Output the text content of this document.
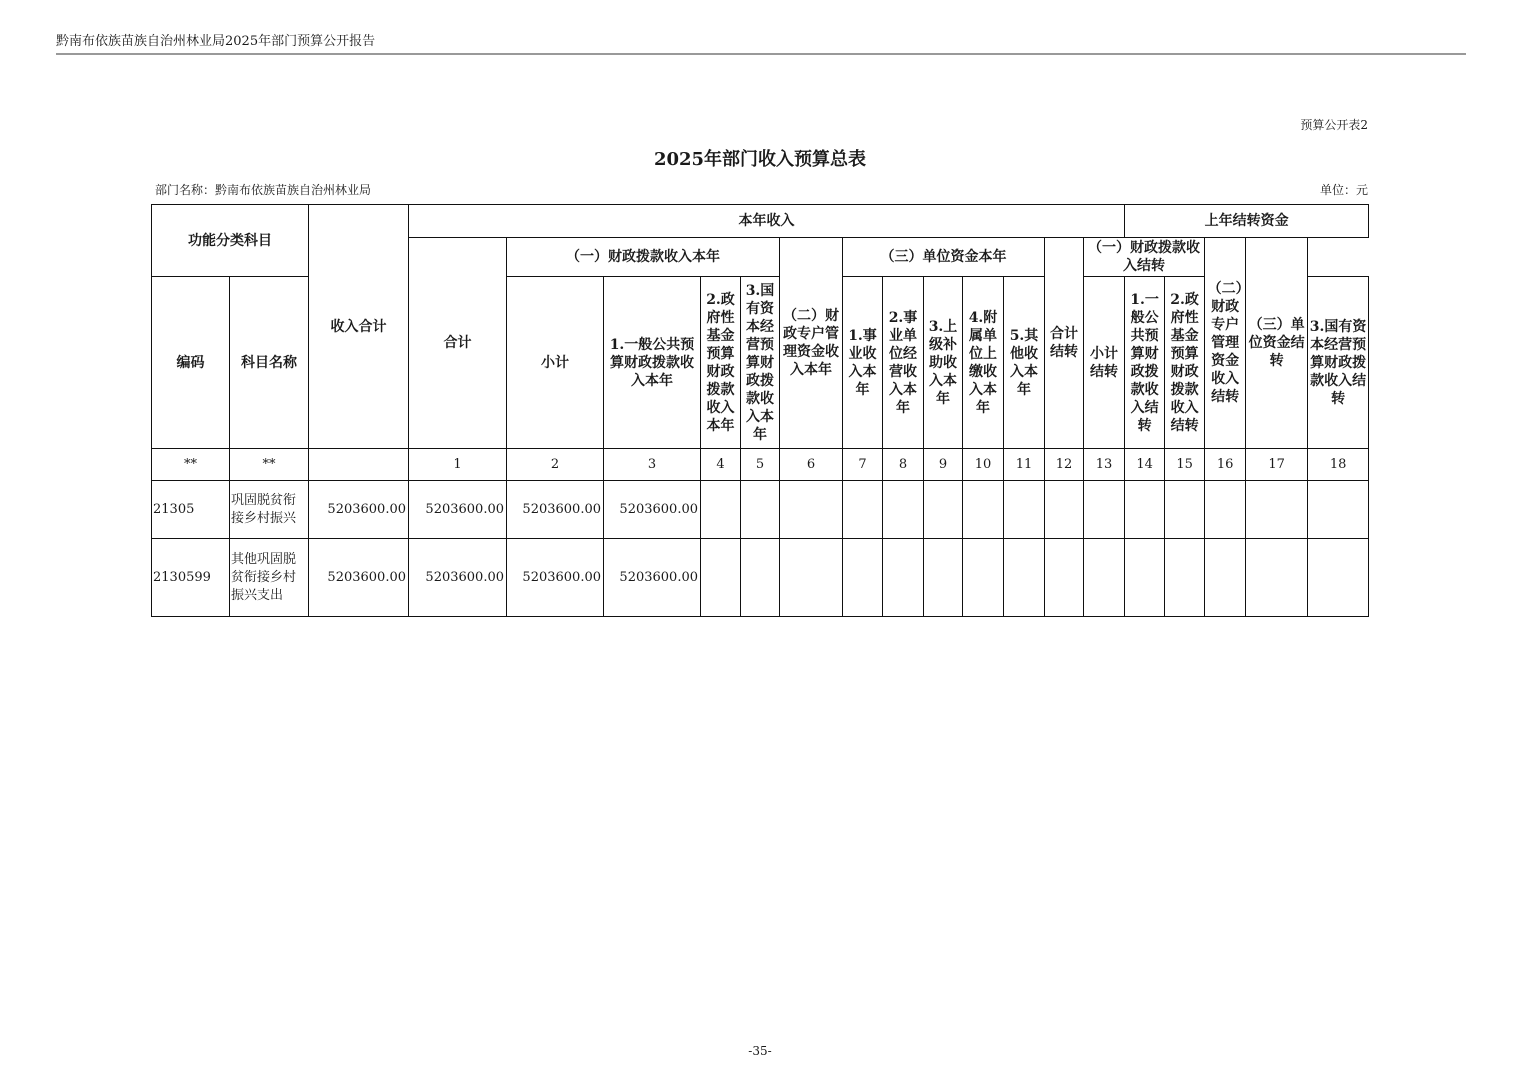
黔南布依族苗族自治州林业局2025年部门预算公开报告
预算公开表2
2025年部门收入预算总表
部门名称：黔南布依族苗族自治州林业局	单位：元
功能分类科目		收入合计	本年收入													上年结转资金				
			合计	（一）财政拨款收入本年				（二）财政专户管理资金收入本年	（三）单位资金本年					合计结转	（一）财政拨款收入结转			（二）财政专户管理资金收入结转	（三）单位资金结转	
编码	科目名称			小计	1.一般公共预算财政拨款收入本年	2.政府性基金预算财政拨款收入本年	3.国有资本经营预算财政拨款收入本年		1.事业收入本年	2.事业单位经营收入本年	3.上级补助收入本年	4.附属单位上缴收入本年	5.其他收入本年		小计结转	1.一般公共预算财政拨款收入结转	2.政府性基金预算财政拨款收入结转			3.国有资本经营预算财政拨款收入结转
**	**		1	2	3	4	5	6	7	8	9	10	11	12	13	14	15	16	17	18
21305	巩固脱贫衔接乡村振兴	5203600.00	5203600.00	5203600.00	5203600.00															
2130599	其他巩固脱贫衔接乡村振兴支出	5203600.00	5203600.00	5203600.00	5203600.00															
-35-
